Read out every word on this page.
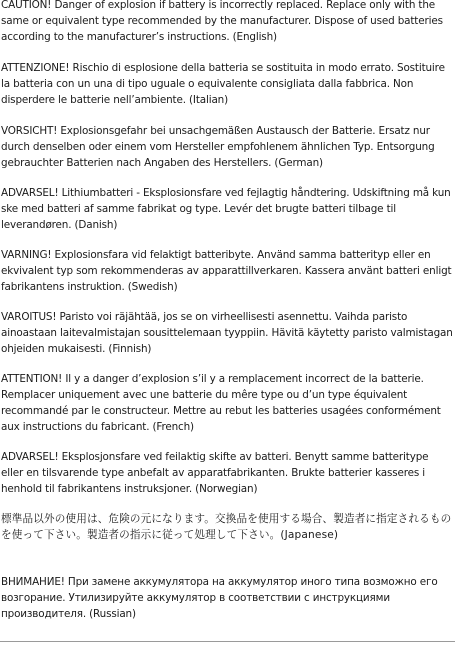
CAUTION! Danger of explosion if battery is incorrectly replaced. Replace only with the same or equivalent type recommended by the manufacturer. Dispose of used batteries according to the manufacturer’s instructions. (English)

ATTENZIONE! Rischio di esplosione della batteria se sostituita in modo errato. Sostituire la batteria con un una di tipo uguale o equivalente consigliata dalla fabbrica. Non disperdere le batterie nell’ambiente. (Italian)

VORSICHT! Explosionsgefahr bei unsachgemäßen Austausch der Batterie. Ersatz nur durch denselben oder einem vom Hersteller empfohlenem ähnlichen Typ. Entsorgung gebrauchter Batterien nach Angaben des Herstellers. (German)

ADVARSEL! Lithiumbatteri - Eksplosionsfare ved fejlagtig håndtering. Udskiftning må kun ske med batteri af samme fabrikat og type. Levér det brugte batteri tilbage til leverandøren. (Danish)

VARNING! Explosionsfara vid felaktigt batteribyte. Använd samma batterityp eller en ekvivalent typ som rekommenderas av apparattillverkaren. Kassera använt batteri enligt fabrikantens instruktion. (Swedish)

VAROITUS! Paristo voi räjähtää, jos se on virheellisesti asennettu. Vaihda paristo ainoastaan laitevalmistajan sousittelemaan tyyppiin. Hävitä käytetty paristo valmistagan ohjeiden mukaisesti. (Finnish)

ATTENTION! Il y a danger d’explosion s’il y a remplacement incorrect de la batterie. Remplacer uniquement avec une batterie du mêre type ou d’un type équivalent recommandé par le constructeur. Mettre au rebut les batteries usagées conformément aux instructions du fabricant. (French)

ADVARSEL! Eksplosjonsfare ved feilaktig skifte av batteri. Benytt samme batteritype eller en tilsvarende type anbefalt av apparatfabrikanten. Brukte batterier kasseres i henhold til fabrikantens instruksjoner. (Norwegian)

標準品以外の使用は、危険の元になります。交換品を使用する場合、製造者に指定されるものを使って下さい。製造者の指示に従って処理して下さい。(Japanese)

ВНИМАНИЕ! При замене аккумулятора на аккумулятор иного типа возможно его возгорание. Утилизируйте аккумулятор в соответствии с инструкциями производителя. (Russian)
